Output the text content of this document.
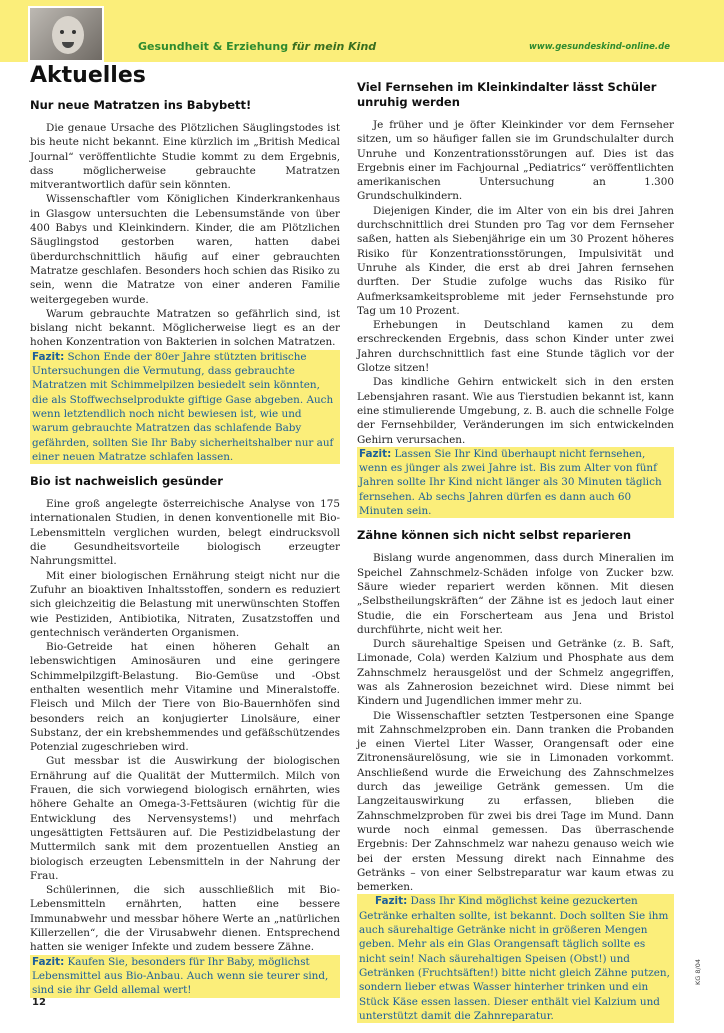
Gesundheit & Erziehung für mein Kind	www.gesundeskind-online.de
Aktuelles
Nur neue Matratzen ins Babybett!

Die genaue Ursache des Plötzlichen Säuglingstodes ist bis heute nicht bekannt. Eine kürzlich im „British Medical Journal“ veröffentlichte Studie kommt zu dem Ergebnis, dass möglicherweise gebrauchte Matratzen mitverantwortlich dafür sein könnten.

Wissenschaftler vom Königlichen Kinderkrankenhaus in Glasgow untersuchten die Lebensumstände von über 400 Babys und Kleinkindern. Kinder, die am Plötzlichen Säuglingstod gestorben waren, hatten dabei überdurchschnittlich häufig auf einer gebrauchten Matratze geschlafen. Besonders hoch schien das Risiko zu sein, wenn die Matratze von einer anderen Familie weitergegeben wurde.

Warum gebrauchte Matratzen so gefährlich sind, ist bislang nicht bekannt. Möglicherweise liegt es an der hohen Konzentration von Bakterien in solchen Matratzen.

Fazit: Schon Ende der 80er Jahre stützten britische Untersuchungen die Vermutung, dass gebrauchte Matratzen mit Schimmelpilzen besiedelt sein könnten, die als Stoffwechselprodukte giftige Gase abgeben. Auch wenn letztendlich noch nicht bewiesen ist, wie und warum gebrauchte Matratzen das schlafende Baby gefährden, sollten Sie Ihr Baby sicherheitshalber nur auf einer neuen Matratze schlafen lassen.
Bio ist nachweislich gesünder

Eine groß angelegte österreichische Analyse von 175 internationalen Studien, in denen konventionelle mit Bio-Lebensmitteln verglichen wurden, belegt eindrucksvoll die Gesundheitsvorteile biologisch erzeugter Nahrungsmittel.

Mit einer biologischen Ernährung steigt nicht nur die Zufuhr an bioaktiven Inhaltsstoffen, sondern es reduziert sich gleichzeitig die Belastung mit unerwünschten Stoffen wie Pestiziden, Antibiotika, Nitraten, Zusatzstoffen und gentechnisch veränderten Organismen.

Bio-Getreide hat einen höheren Gehalt an lebenswichtigen Aminosäuren und eine geringere Schimmelpilzgift-Belastung. Bio-Gemüse und -Obst enthalten wesentlich mehr Vitamine und Mineralstoffe. Fleisch und Milch der Tiere von Bio-Bauernhöfen sind besonders reich an konjugierter Linolsäure, einer Substanz, der ein krebshemmendes und gefäßschützendes Potenzial zugeschrieben wird.

Gut messbar ist die Auswirkung der biologischen Ernährung auf die Qualität der Muttermilch. Milch von Frauen, die sich vorwiegend biologisch ernährten, wies höhere Gehalte an Omega-3-Fettsäuren (wichtig für die Entwicklung des Nervensystems!) und mehrfach ungesättigten Fettsäuren auf. Die Pestizidbelastung der Muttermilch sank mit dem prozentuellen Anstieg an biologisch erzeugten Lebensmitteln in der Nahrung der Frau.

Schülerinnen, die sich ausschließlich mit Bio-Lebensmitteln ernährten, hatten eine bessere Immunabwehr und messbar höhere Werte an „natürlichen Killerzellen“, die der Virusabwehr dienen. Entsprechend hatten sie weniger Infekte und zudem bessere Zähne.

Fazit: Kaufen Sie, besonders für Ihr Baby, möglichst Lebensmittel aus Bio-Anbau. Auch wenn sie teurer sind, sind sie ihr Geld allemal wert!
Viel Fernsehen im Kleinkindalter lässt Schüler unruhig werden

Je früher und je öfter Kleinkinder vor dem Fernseher sitzen, um so häufiger fallen sie im Grundschulalter durch Unruhe und Konzentrationsstörungen auf. Dies ist das Ergebnis einer im Fachjournal „Pediatrics“ veröffentlichten amerikanischen Untersuchung an 1.300 Grundschulkindern.

Diejenigen Kinder, die im Alter von ein bis drei Jahren durchschnittlich drei Stunden pro Tag vor dem Fernseher saßen, hatten als Siebenjährige ein um 30 Prozent höheres Risiko für Konzentrationsstörungen, Impulsivität und Unruhe als Kinder, die erst ab drei Jahren fernsehen durften. Der Studie zufolge wuchs das Risiko für Aufmerksamkeitsprobleme mit jeder Fernsehstunde pro Tag um 10 Prozent.

Erhebungen in Deutschland kamen zu dem erschreckenden Ergebnis, dass schon Kinder unter zwei Jahren durchschnittlich fast eine Stunde täglich vor der Glotze sitzen!

Das kindliche Gehirn entwickelt sich in den ersten Lebensjahren rasant. Wie aus Tierstudien bekannt ist, kann eine stimulierende Umgebung, z. B. auch die schnelle Folge der Fernsehbilder, Veränderungen im sich entwickelnden Gehirn verursachen.

Fazit: Lassen Sie Ihr Kind überhaupt nicht fernsehen, wenn es jünger als zwei Jahre ist. Bis zum Alter von fünf Jahren sollte Ihr Kind nicht länger als 30 Minuten täglich fernsehen. Ab sechs Jahren dürfen es dann auch 60 Minuten sein.
Zähne können sich nicht selbst reparieren

Bislang wurde angenommen, dass durch Mineralien im Speichel Zahnschmelz-Schäden infolge von Zucker bzw. Säure wieder repariert werden können. Mit diesen „Selbstheilungskräften“ der Zähne ist es jedoch laut einer Studie, die ein Forscherteam aus Jena und Bristol durchführte, nicht weit her.

Durch säurehaltige Speisen und Getränke (z. B. Saft, Limonade, Cola) werden Kalzium und Phosphate aus dem Zahnschmelz herausgelöst und der Schmelz angegriffen, was als Zahnerosion bezeichnet wird. Diese nimmt bei Kindern und Jugendlichen immer mehr zu.

Die Wissenschaftler setzten Testpersonen eine Spange mit Zahnschmelzproben ein. Dann tranken die Probanden je einen Viertel Liter Wasser, Orangensaft oder eine Zitronensäurelösung, wie sie in Limonaden vorkommt. Anschließend wurde die Erweichung des Zahnschmelzes durch das jeweilige Getränk gemessen. Um die Langzeitauswirkung zu erfassen, blieben die Zahnschmelzproben für zwei bis drei Tage im Mund. Dann wurde noch einmal gemessen. Das überraschende Ergebnis: Der Zahnschmelz war nahezu genauso weich wie bei der ersten Messung direkt nach Einnahme des Getränks – von einer Selbstreparatur war kaum etwas zu bemerken.

Fazit: Dass Ihr Kind möglichst keine gezuckerten Getränke erhalten sollte, ist bekannt. Doch sollten Sie ihm auch säurehaltige Getränke nicht in größeren Mengen geben. Mehr als ein Glas Orangensaft täglich sollte es nicht sein! Nach säurehaltigen Speisen (Obst!) und Getränken (Fruchtsäften!) bitte nicht gleich Zähne putzen, sondern lieber etwas Wasser hinterher trinken und ein Stück Käse essen lassen. Dieser enthält viel Kalzium und unterstützt damit die Zahnreparatur.
12
KG 8/04
